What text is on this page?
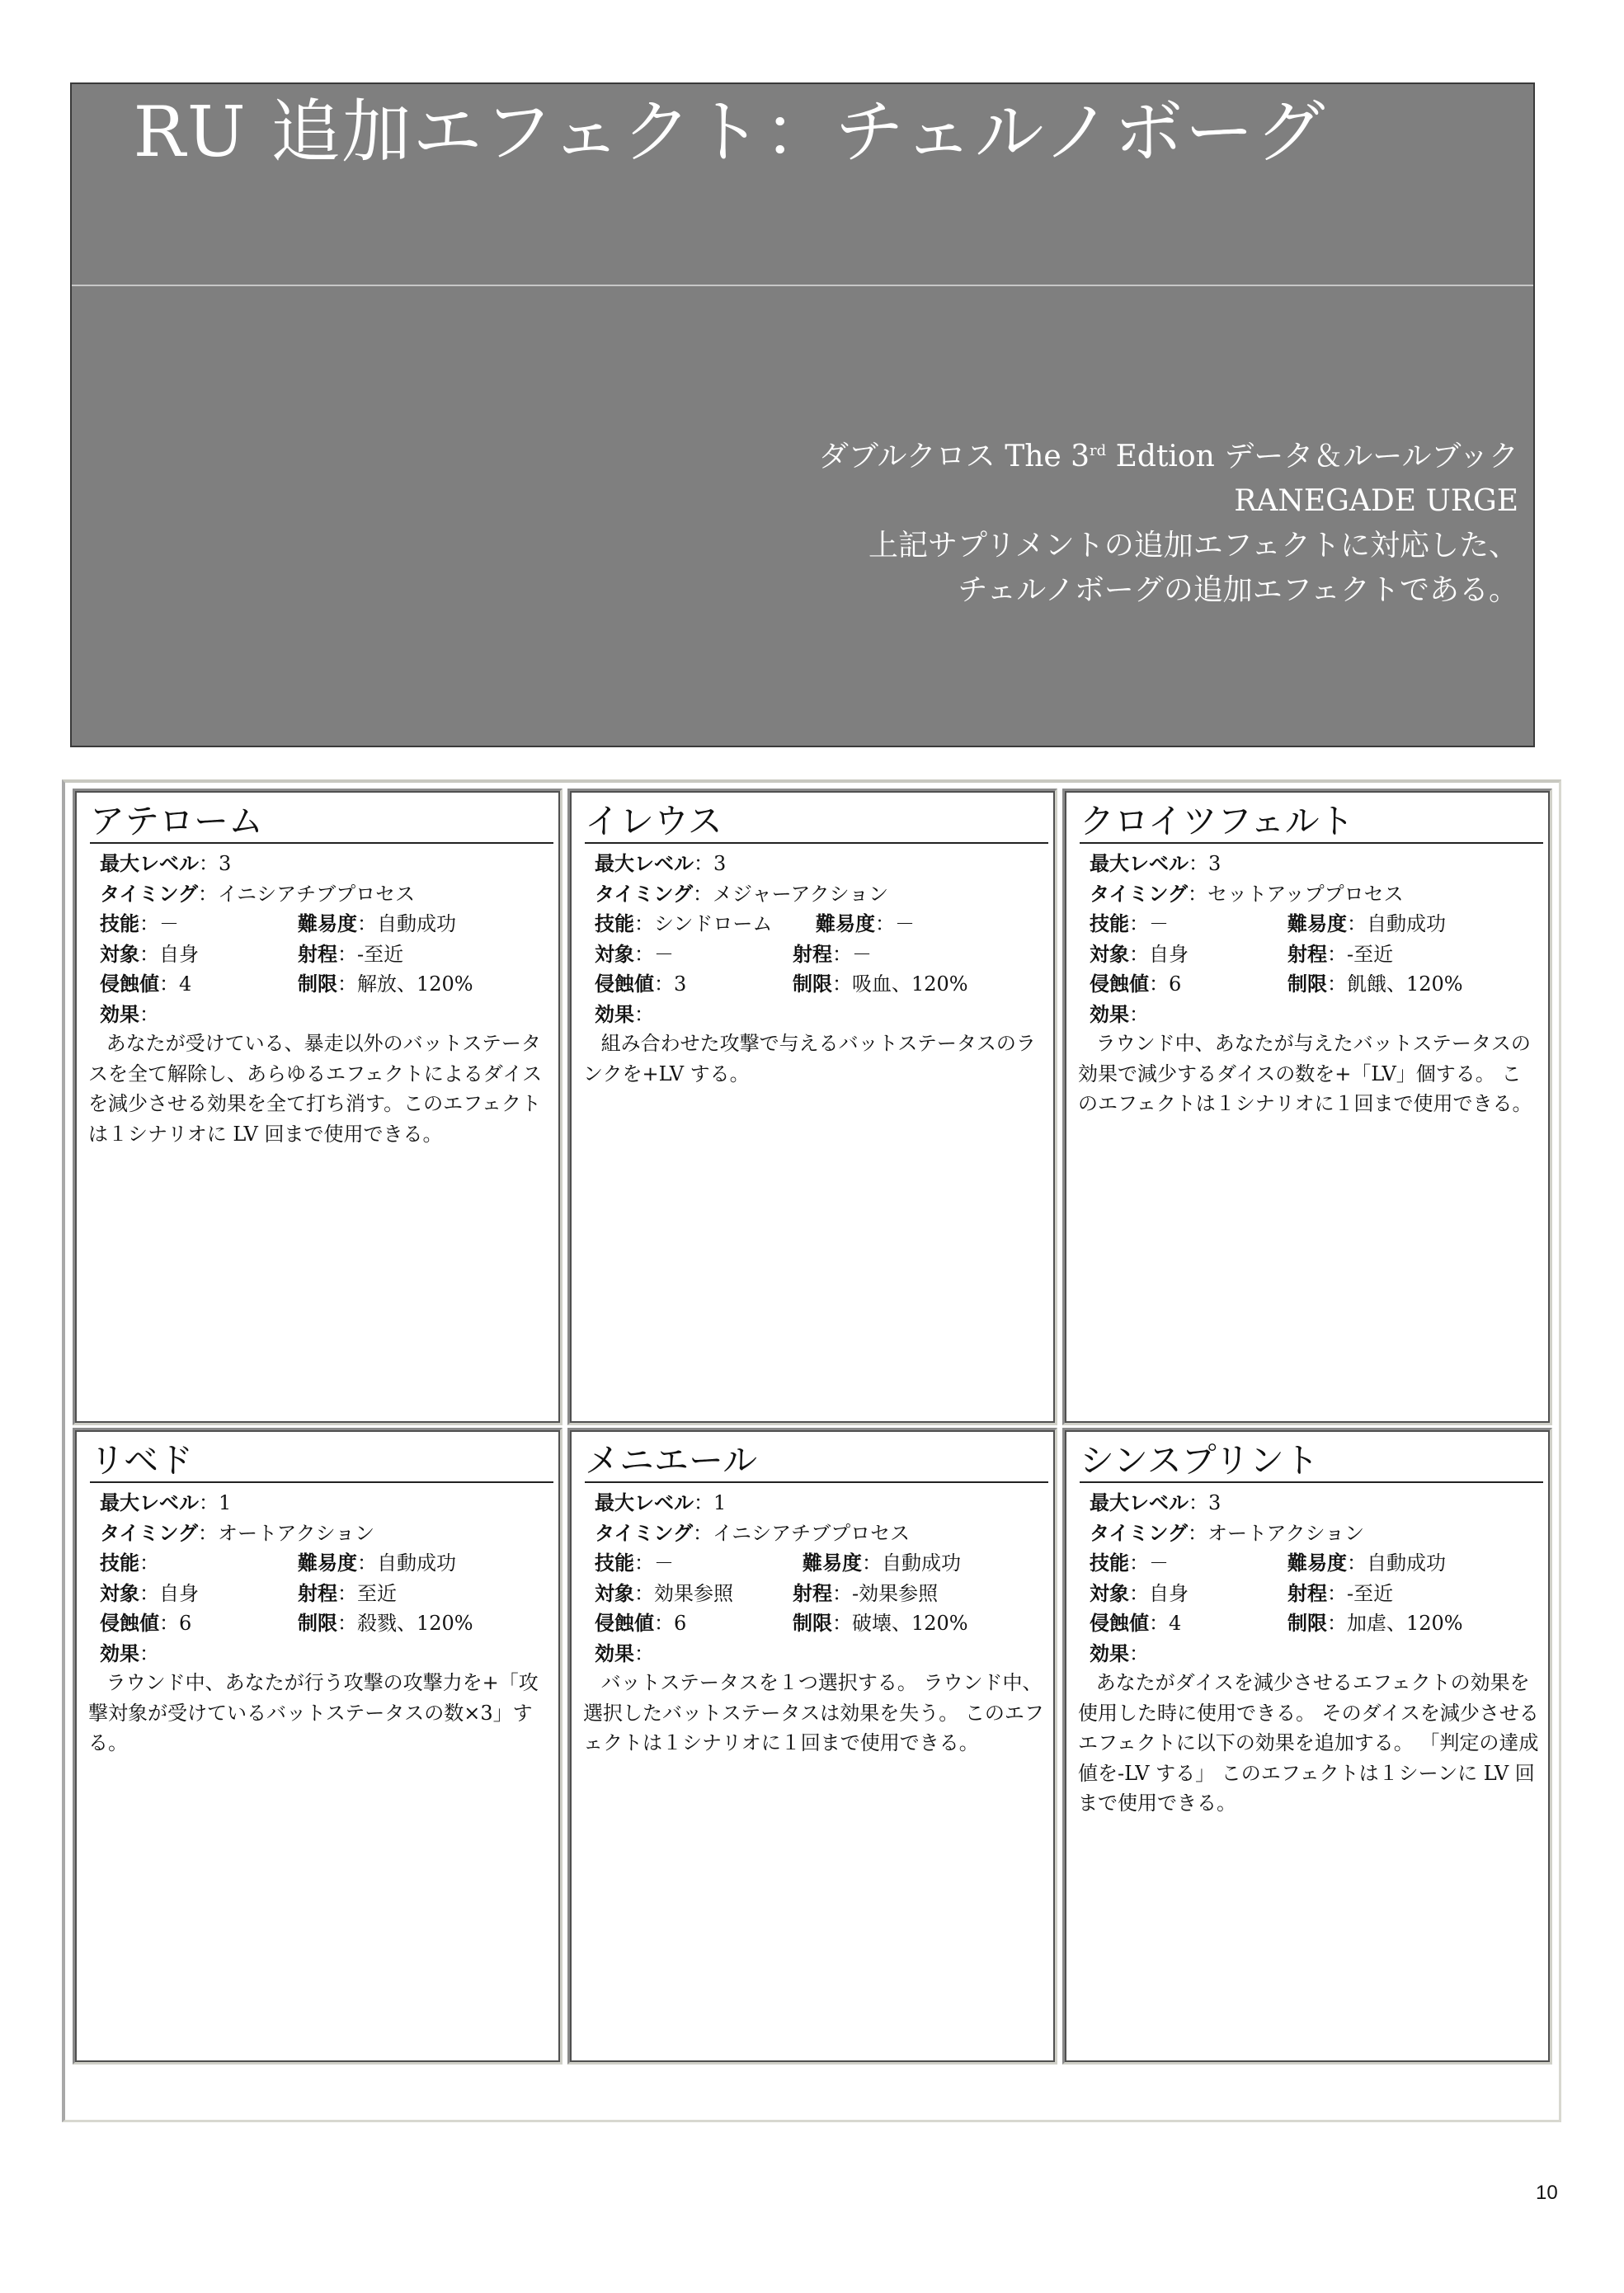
RU 追加エフェクト：チェルノボーグ
ダブルクロス The 3rd Edtion データ＆ルールブック
RANEGADE URGE
上記サプリメントの追加エフェクトに対応した、
チェルノボーグの追加エフェクトである。
アテローム
最大レベル：3
タイミング：イニシアチブプロセス
技能：－	難易度：自動成功
対象：自身	射程：-至近
侵蝕値：4	制限：解放、120%
効果：
あなたが受けている、暴走以外のバットステータスを全て解除し、あらゆるエフェクトによるダイスを減少させる効果を全て打ち消す。このエフェクトは１シナリオに LV 回まで使用できる。
イレウス
最大レベル：3
タイミング：メジャーアクション
技能：シンドローム	難易度：－
対象：－	射程：－
侵蝕値：3	制限：吸血、120%
効果：
組み合わせた攻撃で与えるバットステータスのランクを+LV する。
クロイツフェルト
最大レベル：3
タイミング：セットアッププロセス
技能：－	難易度：自動成功
対象：自身	射程：-至近
侵蝕値：6	制限：飢餓、120%
効果：
ラウンド中、あなたが与えたバットステータスの効果で減少するダイスの数を+「LV」個する。 このエフェクトは１シナリオに１回まで使用できる。
リベド
最大レベル：1
タイミング：オートアクション
技能：	難易度：自動成功
対象：自身	射程：至近
侵蝕値：6	制限：殺戮、120%
効果：
ラウンド中、あなたが行う攻撃の攻撃力を+「攻撃対象が受けているバットステータスの数×3」する。
メニエール
最大レベル：1
タイミング：イニシアチブプロセス
技能：－	難易度：自動成功
対象：効果参照	射程：-効果参照
侵蝕値：6	制限：破壊、120%
効果：
バットステータスを１つ選択する。 ラウンド中、選択したバットステータスは効果を失う。 このエフェクトは１シナリオに１回まで使用できる。
シンスプリント
最大レベル：3
タイミング：オートアクション
技能：－	難易度：自動成功
対象：自身	射程：-至近
侵蝕値：4	制限：加虐、120%
効果：
あなたがダイスを減少させるエフェクトの効果を使用した時に使用できる。 そのダイスを減少させるエフェクトに以下の効果を追加する。 「判定の達成値を-LV する」 このエフェクトは１シーンに LV 回まで使用できる。
10
